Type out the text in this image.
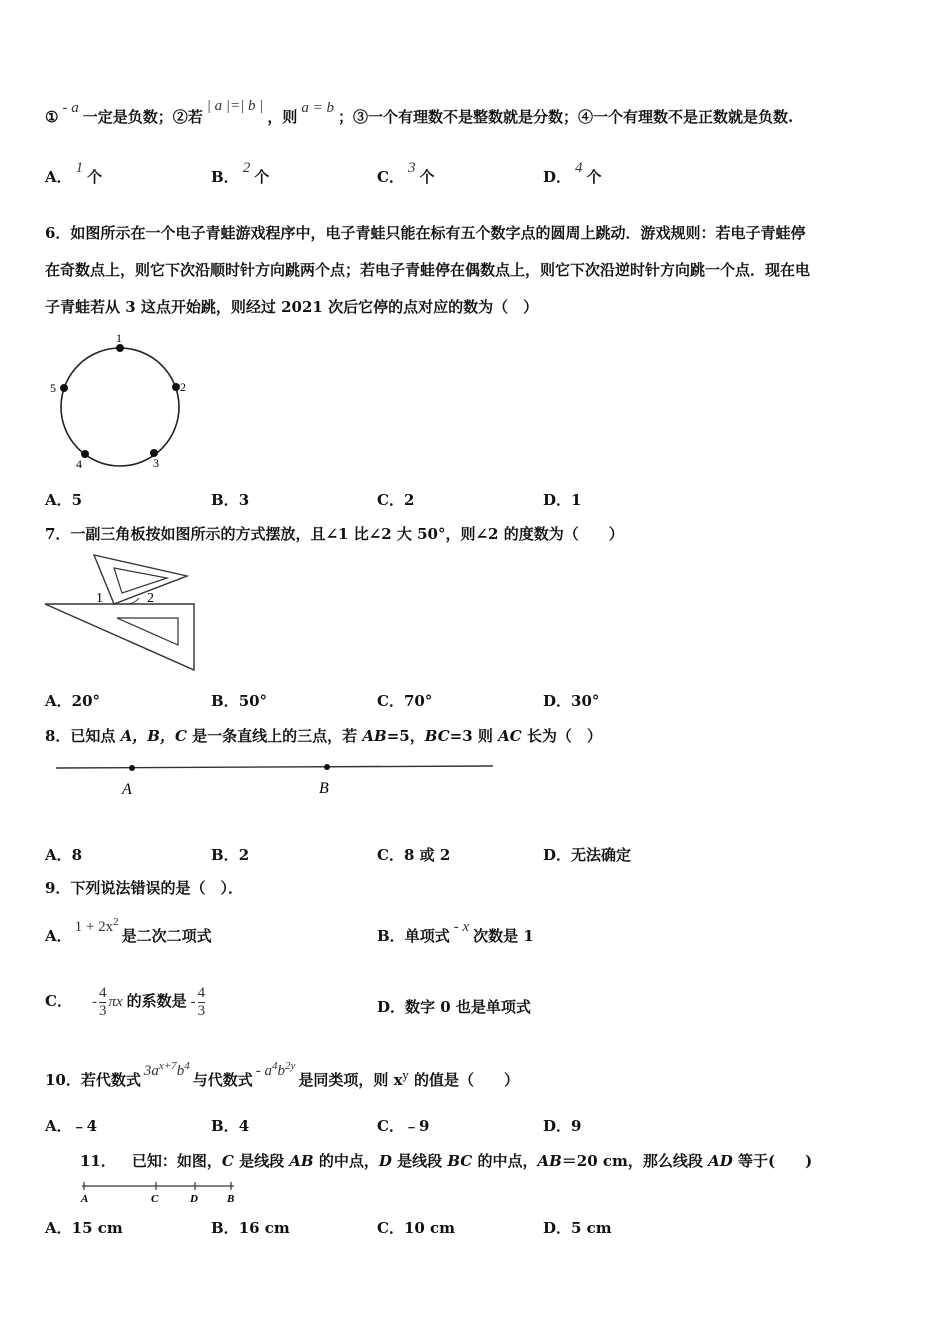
① - a 一定是负数；②若| a |=| b |，则 a = b ；③一个有理数不是整数就是分数；④一个有理数不是正数就是负数.
A． 1 个	B． 2 个	C． 3 个	D． 4 个
6．如图所示在一个电子青蛙游戏程序中，电子青蛙只能在标有五个数字点的圆周上跳动．游戏规则：若电子青蛙停
在奇数点上，则它下次沿顺时针方向跳两个点；若电子青蛙停在偶数点上，则它下次沿逆时针方向跳一个点．现在电
子青蛙若从 3 这点开始跳，则经过 2021 次后它停的点对应的数为（　）
1
2
3
4
5
A．5	B．3	C．2	D．1
7．一副三角板按如图所示的方式摆放，且∠1 比∠2 大 50°，则∠2 的度数为（　　）
1	2
A．20°	B．50°	C．70°	D．30°
8．已知点 A，B，C 是一条直线上的三点，若 AB=5，BC=3 则 AC 长为（　）
A	B
A．8	B．2	C．8 或 2	D．无法确定
9．下列说法错误的是（　）．
A． $1 + 2x^2$是二次二项式	B．单项式 - x 次数是 1
C． - $\frac{4}{3}$ πx 的系数是 - $\frac{4}{3}$	D．数字 0 也是单项式
10．若代数式 $3a^{x+7}b^4$与代数式 - $a^4b^{2y}$是同类项，则 $x^y$ 的值是（　　）
A．﹣4	B．4	C．﹣9	D．9
11． 已知：如图，C 是线段 AB 的中点，D 是线段 BC 的中点，AB＝20 cm，那么线段 AD 等于(　　)
A	C	D	B
A．15 cm	B．16 cm	C．10 cm	D．5 cm
